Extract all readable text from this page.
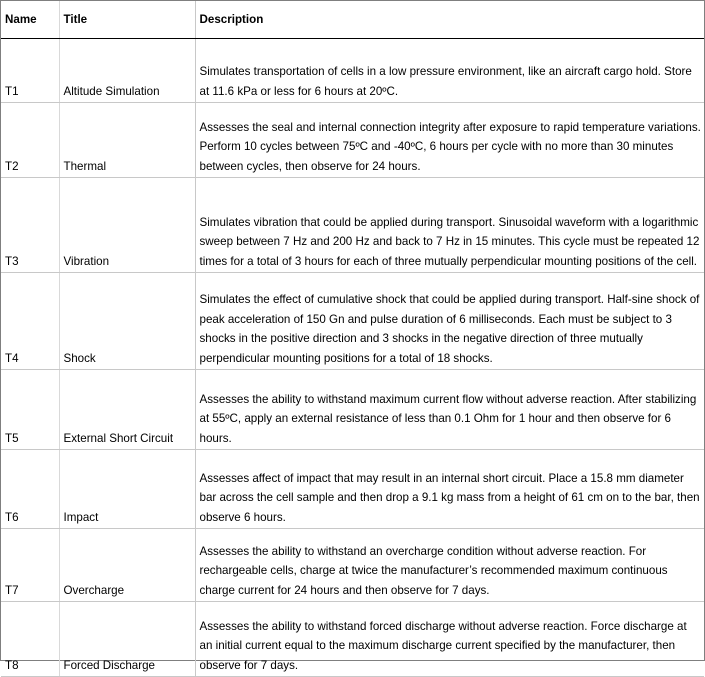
Name	Title	Description
T1	Altitude Simulation	Simulates transportation of cells in a low pressure environment, like an aircraft cargo hold. Store at 11.6 kPa or less for 6 hours at 20ºC.
T2	Thermal	Assesses the seal and internal connection integrity after exposure to rapid temperature variations. Perform 10 cycles between 75ºC and -40ºC, 6 hours per cycle with no more than 30 minutes between cycles, then observe for 24 hours.
T3	Vibration	Simulates vibration that could be applied during transport. Sinusoidal waveform with a logarithmic sweep between 7 Hz and 200 Hz and back to 7 Hz in 15 minutes. This cycle must be repeated 12 times for a total of 3 hours for each of three mutually perpendicular mounting positions of the cell.
T4	Shock	Simulates the effect of cumulative shock that could be applied during transport. Half-sine shock of peak acceleration of 150 Gn and pulse duration of 6 milliseconds. Each must be subject to 3 shocks in the positive direction and 3 shocks in the negative direction of three mutually perpendicular mounting positions for a total of 18 shocks.
T5	External Short Circuit	Assesses the ability to withstand maximum current flow without adverse reaction. After stabilizing at 55ºC, apply an external resistance of less than 0.1 Ohm for 1 hour and then observe for 6 hours.
T6	Impact	Assesses affect of impact that may result in an internal short circuit. Place a 15.8 mm diameter bar across the cell sample and then drop a 9.1 kg mass from a height of 61 cm on to the bar, then observe 6 hours.
T7	Overcharge	Assesses the ability to withstand an overcharge condition without adverse reaction. For rechargeable cells, charge at twice the manufacturer’s recommended maximum continuous charge current for 24 hours and then observe for 7 days.
T8	Forced Discharge	Assesses the ability to withstand forced discharge without adverse reaction. Force discharge at an initial current equal to the maximum discharge current specified by the manufacturer, then observe for 7 days.
